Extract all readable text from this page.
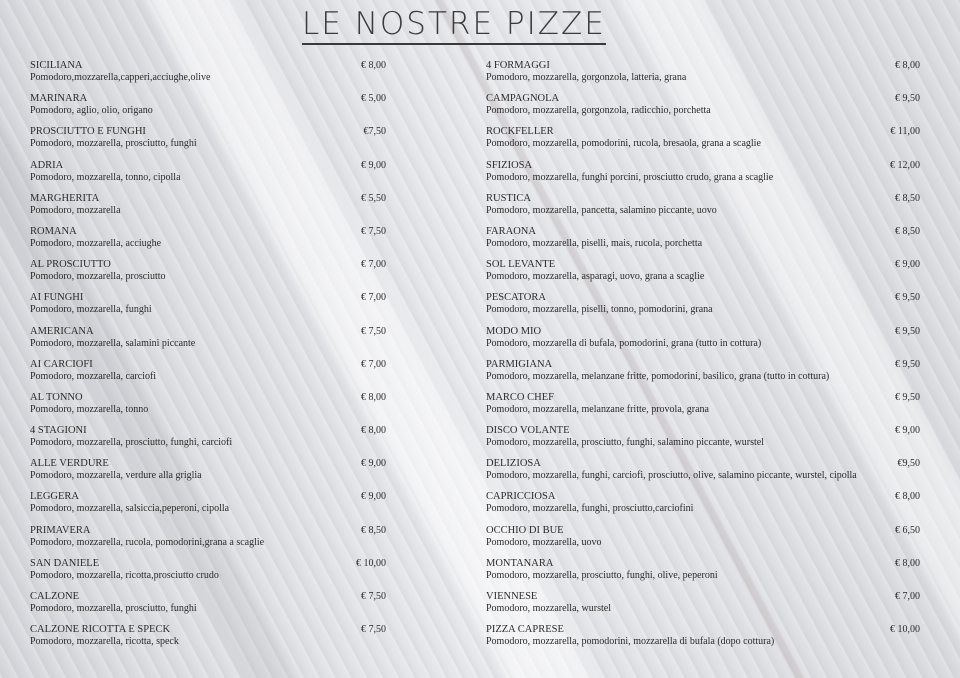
LE NOSTRE PIZZE
SICILIANA
Pomodoro,mozzarella,capperi,acciughe,olive
€ 8,00
MARINARA
Pomodoro, aglio, olio, origano
€ 5,00
PROSCIUTTO E FUNGHI
Pomodoro, mozzarella, prosciutto, funghi
€7,50
ADRIA
Pomodoro, mozzarella, tonno, cipolla
€ 9,00
MARGHERITA
Pomodoro, mozzarella
€ 5,50
ROMANA
Pomodoro, mozzarella, acciughe
€ 7,50
AL PROSCIUTTO
Pomodoro, mozzarella, prosciutto
€ 7,00
AI FUNGHI
Pomodoro, mozzarella, funghi
€ 7,00
AMERICANA
Pomodoro, mozzarella, salamini piccante
€ 7,50
AI CARCIOFI
Pomodoro, mozzarella, carciofi
€ 7,00
AL TONNO
Pomodoro, mozzarella, tonno
€ 8,00
4 STAGIONI
Pomodoro, mozzarella, prosciutto, funghi, carciofi
€ 8,00
ALLE VERDURE
Pomodoro, mozzarella, verdure alla griglia
€ 9,00
LEGGERA
Pomodoro, mozzarella, salsiccia,peperoni, cipolla
€ 9,00
PRIMAVERA
Pomodoro, mozzarella, rucola, pomodorini,grana a scaglie
€ 8,50
SAN DANIELE
Pomodoro, mozzarella, ricotta,prosciutto crudo
€ 10,00
CALZONE
Pomodoro, mozzarella, prosciutto, funghi
€ 7,50
CALZONE RICOTTA E SPECK
Pomodoro, mozzarella, ricotta, speck
€ 7,50
4 FORMAGGI
Pomodoro, mozzarella, gorgonzola, latteria, grana
€ 8,00
CAMPAGNOLA
Pomodoro, mozzarella, gorgonzola, radicchio, porchetta
€ 9,50
ROCKFELLER
Pomodoro, mozzarella, pomodorini, rucola, bresaola, grana a scaglie
€ 11,00
SFIZIOSA
Pomodoro, mozzarella, funghi porcini, prosciutto crudo, grana a scaglie
€ 12,00
RUSTICA
Pomodoro, mozzarella, pancetta, salamino piccante, uovo
€ 8,50
FARAONA
Pomodoro, mozzarella, piselli, mais, rucola, porchetta
€ 8,50
SOL LEVANTE
Pomodoro, mozzarella, asparagi, uovo, grana a scaglie
€ 9,00
PESCATORA
Pomodoro, mozzarella, piselli, tonno, pomodorini, grana
€ 9,50
MODO MIO
Pomodoro, mozzarella di bufala, pomodorini, grana (tutto in cottura)
€ 9,50
PARMIGIANA
Pomodoro, mozzarella, melanzane fritte, pomodorini, basilico, grana (tutto in cottura)
€ 9,50
MARCO CHEF
Pomodoro, mozzarella, melanzane fritte, provola, grana
€ 9,50
DISCO VOLANTE
Pomodoro, mozzarella, prosciutto, funghi, salamino piccante, wurstel
€ 9,00
DELIZIOSA
Pomodoro, mozzarella, funghi, carciofi, prosciutto, olive, salamino piccante, wurstel, cipolla
€9,50
CAPRICCIOSA
Pomodoro, mozzarella, funghi, prosciutto,carciofini
€ 8,00
OCCHIO DI BUE
Pomodoro, mozzarella, uovo
€ 6,50
MONTANARA
Pomodoro, mozzarella, prosciutto, funghi, olive, peperoni
€ 8,00
VIENNESE
Pomodoro, mozzarella, wurstel
€ 7,00
PIZZA CAPRESE
Pomodoro, mozzarella, pomodorini, mozzarella di bufala (dopo cottura)
€ 10,00
